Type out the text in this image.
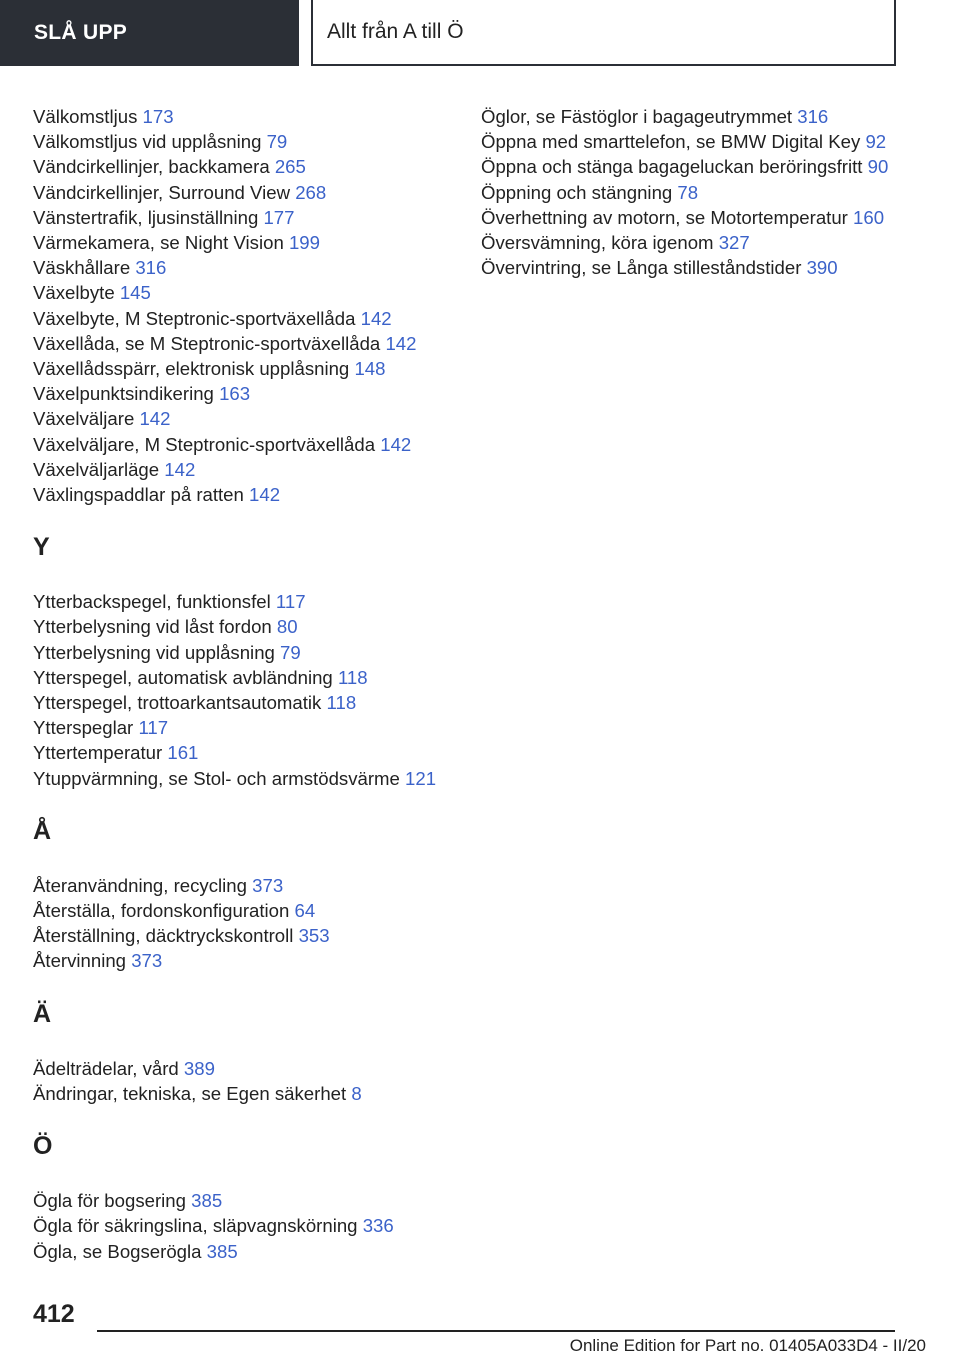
SLÅ UPP	Allt från A till Ö
Välkomstljus 173
Välkomstljus vid upplåsning 79
Vändcirkellinjer, backkamera 265
Vändcirkellinjer, Surround View 268
Vänstertrafik, ljusinställning 177
Värmekamera, se Night Vision 199
Väskhållare 316
Växelbyte 145
Växelbyte, M Steptronic-sportväxellåda 142
Växellåda, se M Steptronic-sportväxellåda 142
Växellådsspärr, elektronisk upplåsning 148
Växelpunktsindikering 163
Växelväljare 142
Växelväljare, M Steptronic-sportväxellåda 142
Växelväljarläge 142
Växlingspaddlar på ratten 142
Y
Ytterbackspegel, funktionsfel 117
Ytterbelysning vid låst fordon 80
Ytterbelysning vid upplåsning 79
Ytterspegel, automatisk avbländning 118
Ytterspegel, trottoarkantsautomatik 118
Ytterspeglar 117
Yttertemperatur 161
Ytuppvärmning, se Stol- och armstödsvärme 121
Å
Återanvändning, recycling 373
Återställa, fordonskonfiguration 64
Återställning, däcktryckskontroll 353
Återvinning 373
Ä
Ädelträdelar, vård 389
Ändringar, tekniska, se Egen säkerhet 8
Ö
Ögla för bogsering 385
Ögla för säkringslina, släpvagnskörning 336
Ögla, se Bogserögla 385
Öglor, se Fästöglor i bagageutrymmet 316
Öppna med smarttelefon, se BMW Digital Key 92
Öppna och stänga bagageluckan beröringsfritt 90
Öppning och stängning 78
Överhettning av motorn, se Motortemperatur 160
Översvämning, köra igenom 327
Övervintring, se Långa stilleståndstider 390
412
Online Edition for Part no. 01405A033D4 - II/20
